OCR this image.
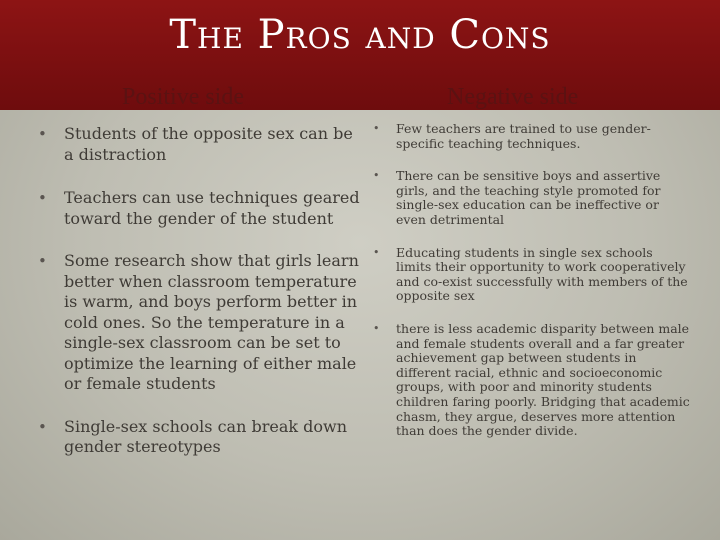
The Pros and Cons
Positive side	Negative side
• Students of the opposite sex can be a distraction
• Teachers can use techniques geared toward the gender of the student
• Some research show that girls learn better when classroom temperature is warm, and boys perform better in cold ones. So the temperature in a single-sex classroom can be set to optimize the learning of either male or female students
• Single-sex schools can break down gender stereotypes
• Few teachers are trained to use gender-specific teaching techniques.
• There can be sensitive boys and assertive girls, and the teaching style promoted for single-sex education can be ineffective or even detrimental
• Educating students in single sex schools limits their opportunity to work cooperatively and co-exist successfully with members of the opposite sex
• there is less academic disparity between male and female students overall and a far greater achievement gap between students in different racial, ethnic and socioeconomic groups, with poor and minority students children faring poorly. Bridging that academic chasm, they argue, deserves more attention than does the gender divide.
